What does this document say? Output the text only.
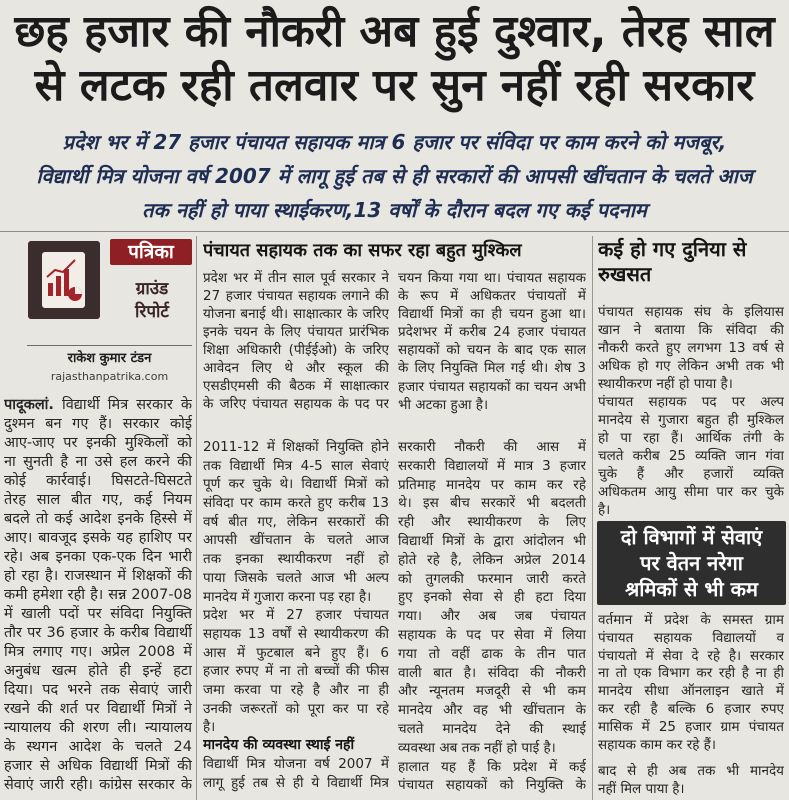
छह हजार की नौकरी अब हुई दुश्वार, तेरह साल
से लटक रही तलवार पर सुन नहीं रही सरकार
प्रदेश भर में 27 हजार पंचायत सहायक मात्र 6 हजार पर संविदा पर काम करने को मजबूर,
विद्यार्थी मित्र योजना वर्ष 2007 में लागू हुई तब से ही सरकारों की आपसी खींचतान के चलते आज
तक नहीं हो पाया स्थाईकरण,13 वर्षों के दौरान बदल गए कई पदनाम
पत्रिका
ग्राउंड
रिपोर्ट
राकेश कुमार टंडन
rajasthanpatrika.com
पादूकलां. विद्यार्थी मित्र सरकार के
दुश्मन बन गए हैं। सरकार कोई
आए-जाए पर इनकी मुश्किलों को
ना सुनती है ना उसे हल करने की
कोई कार्रवाई। घिसटते-घिसटते
तेरह साल बीत गए, कई नियम
बदले तो कई आदेश इनके हिस्से में
आए। बावजूद इसके यह हाशिए पर
रहे। अब इनका एक-एक दिन भारी
हो रहा है। राजस्थान में शिक्षकों की
कमी हमेशा रही है। सन्न 2007-08
में खाली पदों पर संविदा नियुक्ति
तौर पर 36 हजार के करीब विद्यार्थी
मित्र लगाए गए। अप्रेल 2008 में
अनुबंध खत्म होते ही इन्हें हटा
दिया। पद भरने तक सेवाएं जारी
रखने की शर्त पर विद्यार्थी मित्रों ने
न्यायालय की शरण ली। न्यायालय
के स्थगन आदेश के चलते 24
हजार से अधिक विद्यार्थी मित्रों की
सेवाएं जारी रही। कांग्रेस सरकार के
पंचायत सहायक तक का सफर रहा बहुत मुश्किल
प्रदेश भर में तीन साल पूर्व सरकार ने
27 हजार पंचायत सहायक लगाने की
योजना बनाई थी। साक्षात्कार के जरिए
इनके चयन के लिए पंचायत प्रारंभिक
शिक्षा अधिकारी (पीईईओ) के जरिए
आवेदन लिए थे और स्कूल की
एसडीएमसी की बैठक में साक्षात्कार
के जरिए पंचायत सहायक के पद पर
2011-12 में शिक्षकों नियुक्ति होने
तक विद्यार्थी मित्र 4-5 साल सेवाएं
पूर्ण कर चुके थे। विद्यार्थी मित्रों को
संविदा पर काम करते हुए करीब 13
वर्ष बीत गए, लेकिन सरकारों की
आपसी खींचतान के चलते आज
तक इनका स्थायीकरण नहीं हो
पाया जिसके चलते आज भी अल्प
मानदेय में गुजारा करना पड़ रहा है।
प्रदेश भर में 27 हजार पंचायत
सहायक 13 वर्षों से स्थायीकरण की
आस में फुटबाल बने हुए हैं। 6
हजार रुपए में ना तो बच्चों की फीस
जमा करवा पा रहे है और ना ही
उनकी जरूरतों को पूरा कर पा रहे
है।
मानदेय की व्यवस्था स्थाई नहीं
विद्यार्थी मित्र योजना वर्ष 2007 में
लागू हुई तब से ही ये विद्यार्थी मित्र
चयन किया गया था। पंचायत सहायक
के रूप में अधिकतर पंचायतों में
विद्यार्थी मित्रों का ही चयन हुआ था।
प्रदेशभर में करीब 24 हजार पंचायत
सहायकों को चयन के बाद एक साल
के लिए नियुक्ति मिल गई थी। शेष 3
हजार पंचायत सहायकों का चयन अभी
भी अटका हुआ है।
सरकारी नौकरी की आस में
सरकारी विद्यालयों में मात्र 3 हजार
प्रतिमाह मानदेय पर काम कर रहे
थे। इस बीच सरकारें भी बदलती
रही और स्थायीकरण के लिए
विद्यार्थी मित्रों के द्वारा आंदोलन भी
होते रहे है, लेकिन अप्रेल 2014
को तुगलकी फरमान जारी करते
हुए इनको सेवा से ही हटा दिया
गया। और अब जब पंचायत
सहायक के पद पर सेवा में लिया
गया तो वहीं ढाक के तीन पात
वाली बात है। संविदा की नौकरी
और न्यूनतम मजदूरी से भी कम
मानदेय और वह भी खींचतान के
चलते मानदेय देने की स्थाई
व्यवस्था अब तक नहीं हो पाई है।
हालात यह हैं कि प्रदेश में कई
पंचायत सहायकों को नियुक्ति के
कई हो गए दुनिया से
रुखसत
पंचायत सहायक संघ के इलियास
खान ने बताया कि संविदा की
नौकरी करते हुए लगभग 13 वर्ष से
अधिक हो गए लेकिन अभी तक भी
स्थायीकरण नहीं हो पाया है।
पंचायत सहायक पद पर अल्प
मानदेय से गुजारा बहुत ही मुश्किल
हो पा रहा हैं। आर्थिक तंगी के
चलते करीब 25 व्यक्ति जान गंवा
चुके हैं और हजारों व्यक्ति
अधिकतम आयु सीमा पार कर चुके
है।
दो विभागों में सेवाएं
पर वेतन नरेगा
श्रमिकों से भी कम
वर्तमान में प्रदेश के समस्त ग्राम
पंचायत सहायक विद्यालयों व
पंचायतो में सेवा दे रहे है। सरकार
ना तो एक विभाग कर रही है ना ही
मानदेय सीधा ऑनलाइन खाते में
कर रही है बल्कि 6 हजार रुपए
मासिक में 25 हजार ग्राम पंचायत
सहायक काम कर रहे हैं।
बाद से ही अब तक भी मानदेय
नहीं मिल पाया है।
